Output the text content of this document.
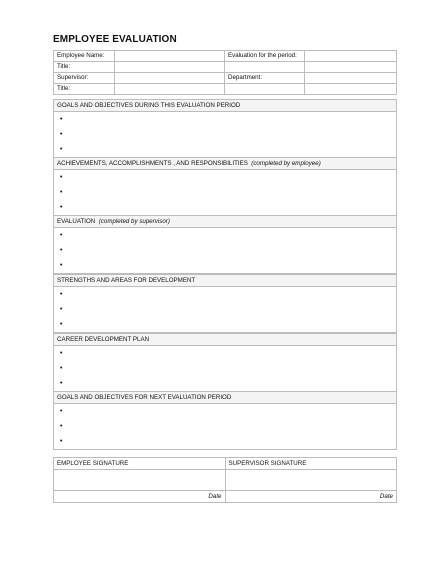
EMPLOYEE EVALUATION
Employee Name:		Evaluation for the period:	
Title:			
Supervisor:		Department:	
Title:			
GOALS AND OBJECTIVES DURING THIS EVALUATION PERIOD

•
•
•
ACHIEVEMENTS, ACCOMPLISHMENTS , AND RESPONSIBILITIES (completed by employee)

•
•
•
EVALUATION (completed by supervisor)

•
•
•
STRENGTHS AND AREAS FOR DEVELOPMENT

•
•
•
CAREER DEVELOPMENT PLAN

•
•
•
GOALS AND OBJECTIVES FOR NEXT EVALUATION PERIOD

•
•
•
EMPLOYEE SIGNATURE	SUPERVISOR SIGNATURE

Date	Date
